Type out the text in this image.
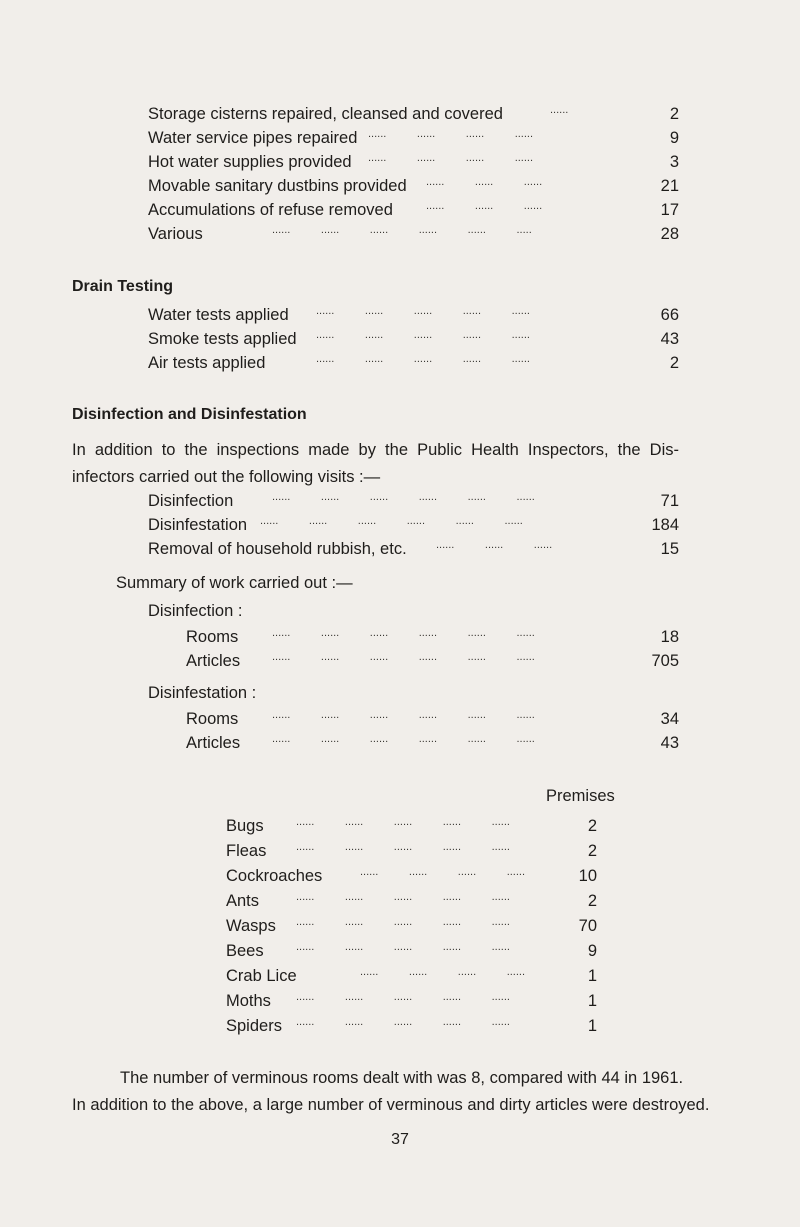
Storage cisterns repaired, cleansed and covered	......	2
Water service pipes repaired ......          ......          ......          ......	9
Hot water supplies provided ......          ......          ......          ......	3
Movable sanitary dustbins provided ......          ......          ......	21
Accumulations of refuse removed	......          ......          ......	17
Various	......          ......          ......          ......          ......          .....	28
Drain Testing
Water tests applied ......          ......          ......          ......          ......	66
Smoke tests applied ......          ......          ......          ......          ......	43
Air tests applied	......          ......          ......          ......          ......	2
Disinfection and Disinfestation
In addition to the inspections made by the Public Health Inspectors, the Dis- infectors carried out the following visits :—
Disinfection	......          ......          ......          ......          ......          ......	71
Disinfestation ......          ......          ......          ......          ......          ......	184
Removal of household rubbish, etc.	......          ......          ......	15
Summary of work carried out :—
Disinfection :
Rooms	......          ......          ......          ......          ......          ......	18
Articles	......          ......          ......          ......          ......          ......	705
Disinfestation :
Rooms	......          ......          ......          ......          ......          ......	34
Articles	......          ......          ......          ......          ......          ......	43
Premises
Bugs	......          ......          ......          ......          ......	2
Fleas	......          ......          ......          ......          ......	2
Cockroaches	......          ......          ......          ......	10
Ants	......          ......          ......          ......          ......	2
Wasps ......          ......          ......          ......          ......	70
Bees	......          ......          ......          ......          ......	9
Crab Lice	......          ......          ......          ......	1
Moths ......          ......          ......          ......          ......	1
Spiders ......          ......          ......          ......          ......	1
The number of verminous rooms dealt with was 8, compared with 44 in 1961.
In addition to the above, a large number of verminous and dirty articles were destroyed.
37
